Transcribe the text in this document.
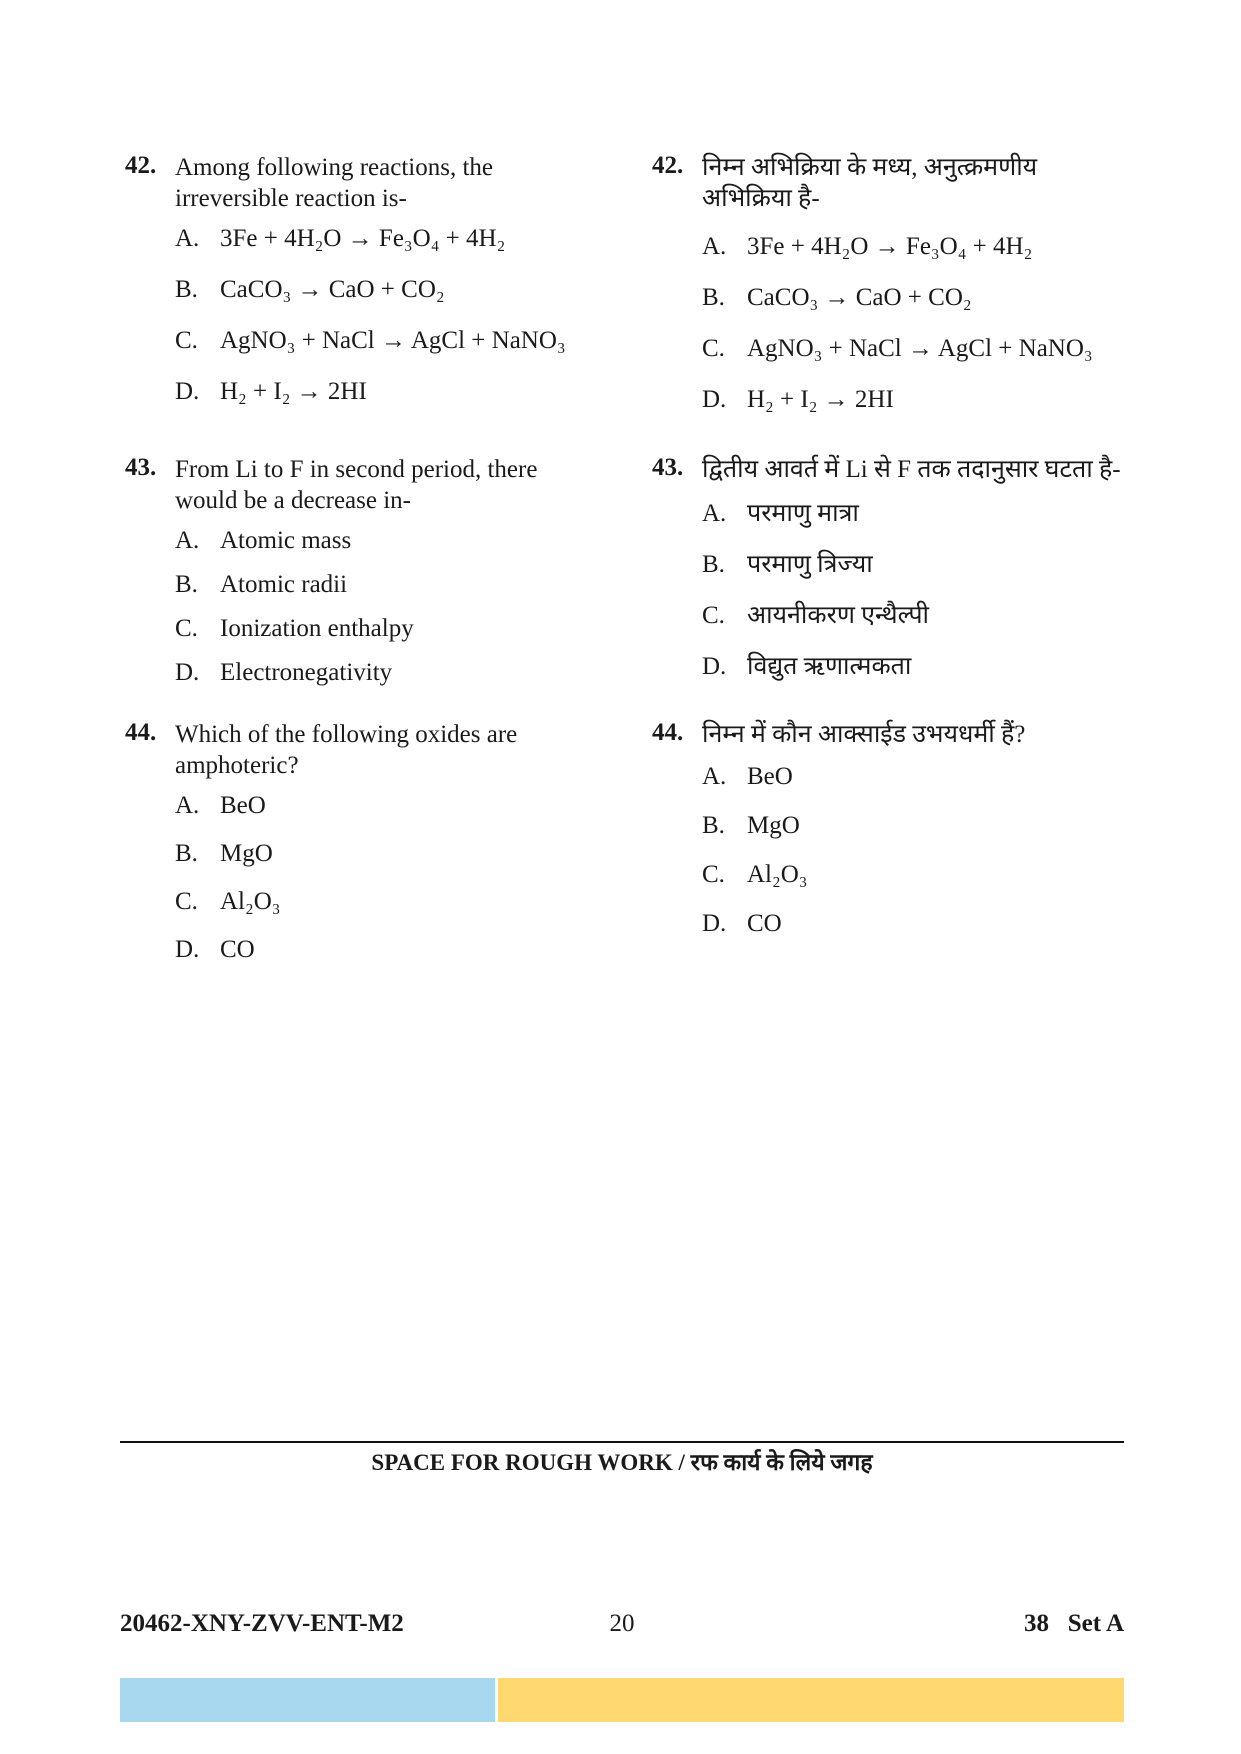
42. Among following reactions, the irreversible reaction is-
A. 3Fe + 4H₂O → Fe₃O₄ + 4H₂
B. CaCO₃ → CaO + CO₂
C. AgNO₃ + NaCl → AgCl + NaNO₃
D. H₂ + I₂ → 2HI
43. From Li to F in second period, there would be a decrease in-
A. Atomic mass
B. Atomic radii
C. Ionization enthalpy
D. Electronegativity
44. Which of the following oxides are amphoteric?
A. BeO
B. MgO
C. Al₂O₃
D. CO
42. निम्न अभिक्रिया के मध्य, अनुत्क्रमणीय अभिक्रिया है-
A. 3Fe + 4H₂O → Fe₃O₄ + 4H₂
B. CaCO₃ → CaO + CO₂
C. AgNO₃ + NaCl → AgCl + NaNO₃
D. H₂ + I₂ → 2HI
43. द्वितीय आवर्त में Li से F तक तदानुसार घटता है-
A. परमाणु मात्रा
B. परमाणु त्रिज्या
C. आयनीकरण एन्थैल्पी
D. विद्युत ऋणात्मकता
44. निम्न में कौन आक्साईड उभयधर्मी हैं?
A. BeO
B. MgO
C. Al₂O₃
D. CO
SPACE FOR ROUGH WORK / रफ कार्य के लिये जगह
20462-XNY-ZVV-ENT-M2	20	38   Set A
